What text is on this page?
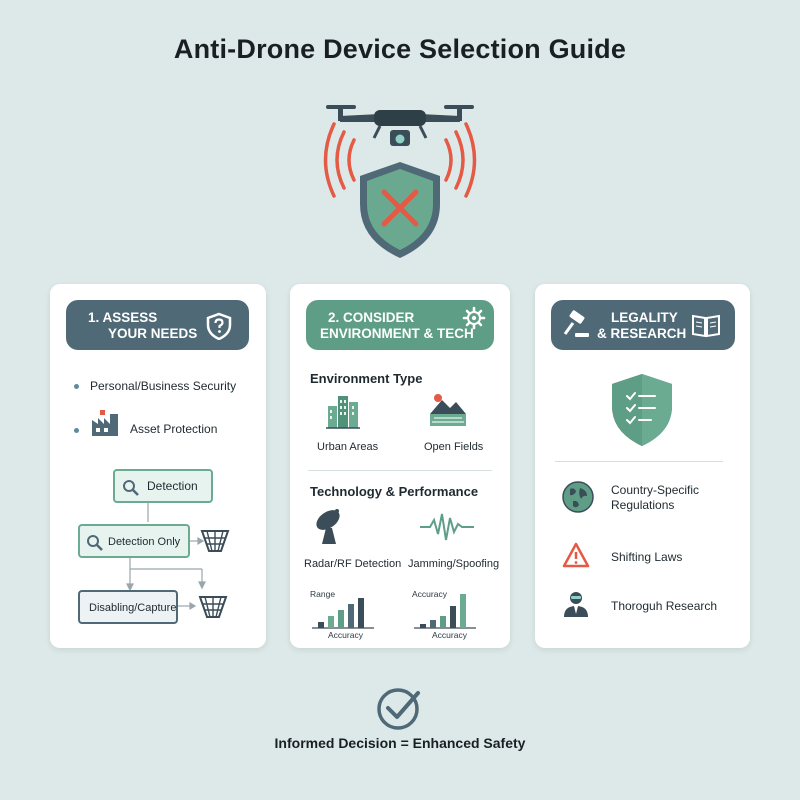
Anti-Drone Device Selection Guide
1. ASSESS
YOUR NEEDS
Personal/Business Security
Asset Protection
Detection
Detection Only
Disabling/Capture
2. CONSIDER
ENVIRONMENT & TECH
Environment Type
Urban Areas	Open Fields
Technology & Performance
Radar/RF Detection Jamming/Spoofing
Range
Accuracy
Accuracy
Accuracy
LEGALITY
& RESEARCH
Country-Specific
Regulations
Shifting Laws
Thoroguh Research
Informed Decision = Enhanced Safety
